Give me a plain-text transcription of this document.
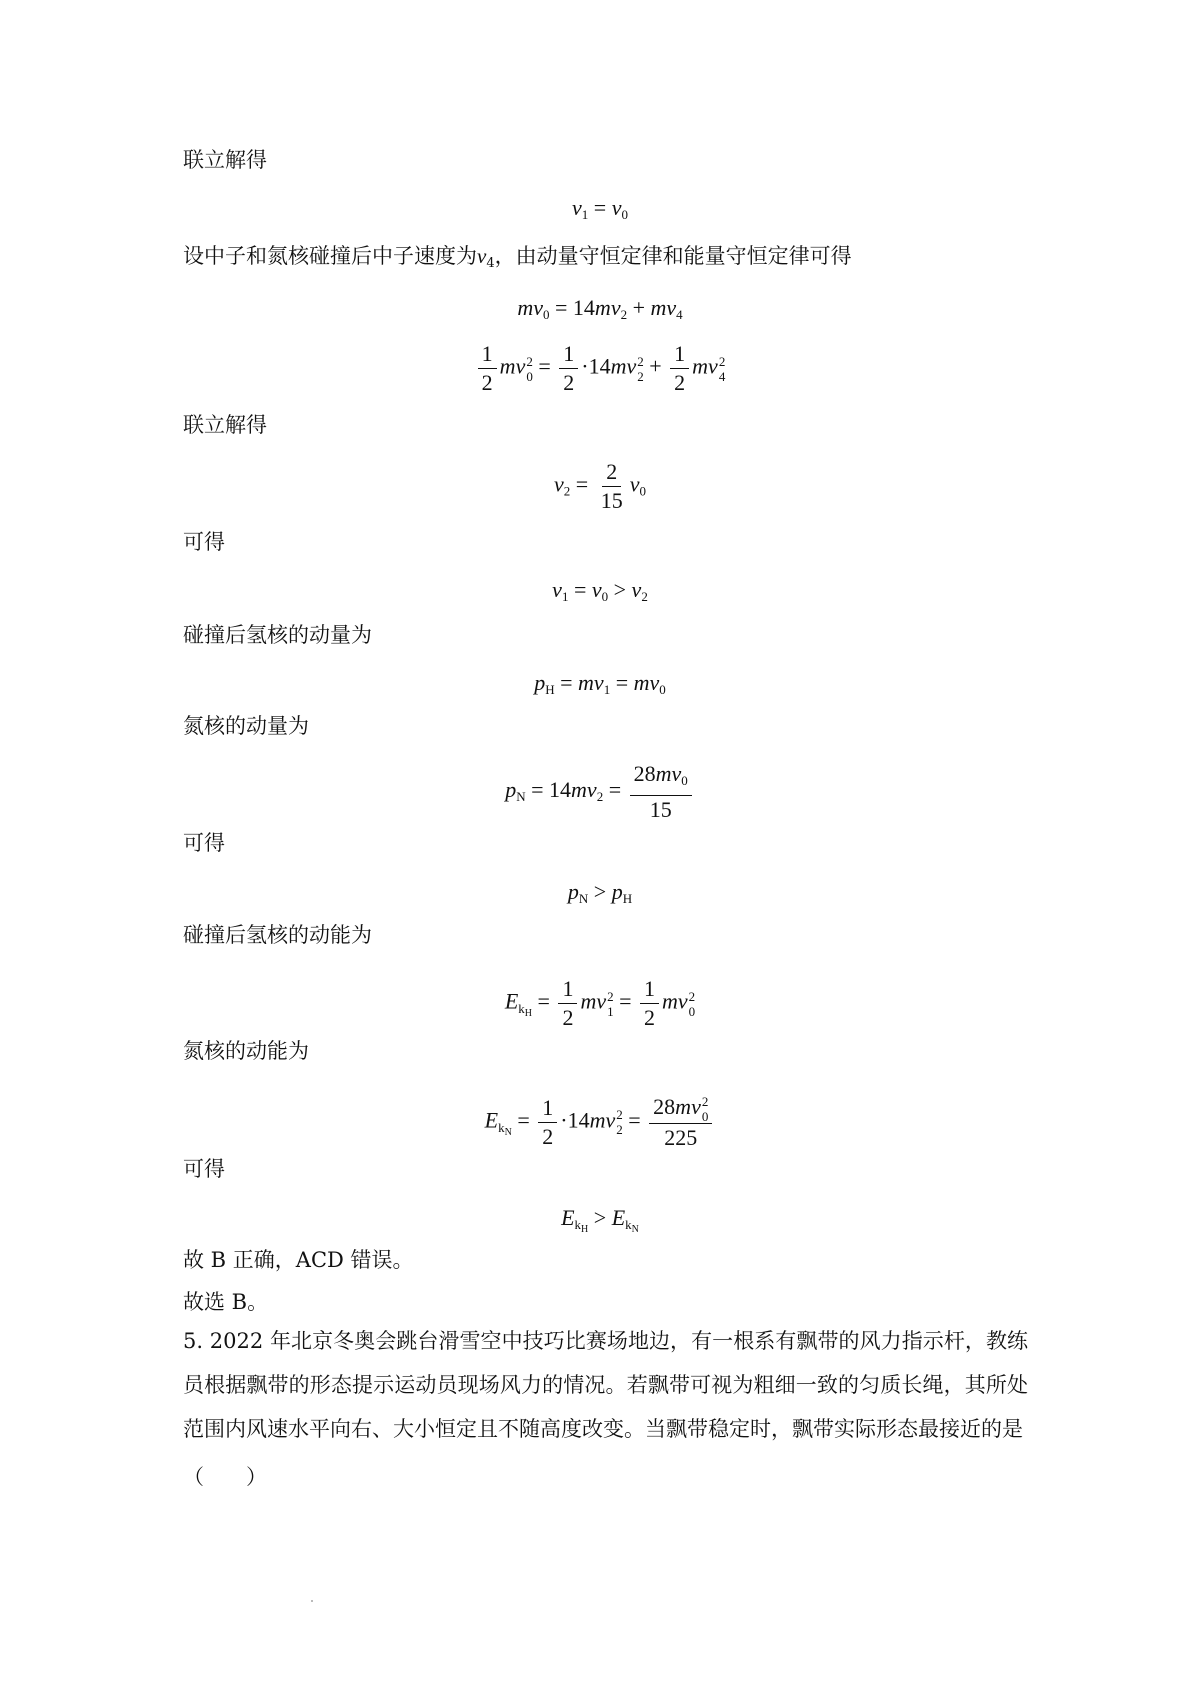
联立解得
$v_1 = v_0$
设中子和氮核碰撞后中子速度为$v_4$，由动量守恒定律和能量守恒定律可得
$mv_0 = 14mv_2 + mv_4$
$\frac{1}{2}$ mv 2
$0 = \frac{1}{2} \cdot 14mv$ 2
$2 + \frac{1}{2}$ mv 2
4
联立解得
$v_2 = \frac{2}{15} v_0$
可得
$v_1 = v_0 > v_2$
碰撞后氢核的动量为
$p_H = mv_1 = mv_0$
氮核的动量为
$p_N = 14mv_2 = \frac{28mv_0}{15}$
可得
$p_N > p_H$
碰撞后氢核的动能为
$E_{k_H} = \frac{1}{2}$ mv 2
$1 = \frac{1}{2}$ mv 2
0
氮核的动能为
$E_{k_N} = \frac{1}{2} \cdot 14mv$ 2
2 = 28mv 2
0
225
可得
$E_{k_H} > E_{k_N}$
故 B 正确，ACD 错误。
故选 B。
5. 2022 年北京冬奥会跳台滑雪空中技巧比赛场地边，有一根系有飘带的风力指示杆，教练员根据飘带的形态提示运动员现场风力的情况。若飘带可视为粗细一致的匀质长绳，其所处范围内风速水平向右、大小恒定且不随高度改变。当飘带稳定时，飘带实际形态最接近的是
（　　）
